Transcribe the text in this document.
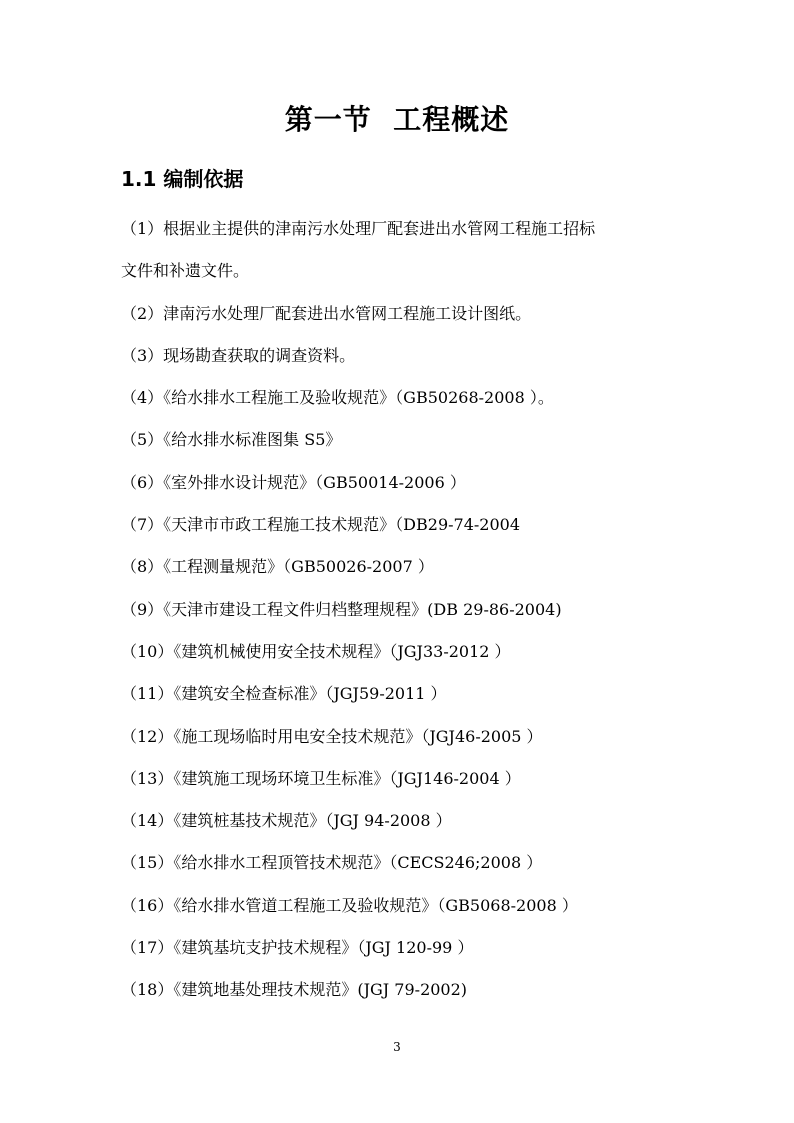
第一节  工程概述
1.1 编制依据
（1）根据业主提供的津南污水处理厂配套进出水管网工程施工招标
文件和补遗文件。
（2）津南污水处理厂配套进出水管网工程施工设计图纸。
（3）现场勘查获取的调查资料。
（4）《给水排水工程施工及验收规范》（GB50268-2008 ）。
（5）《给水排水标准图集 S5》
（6）《室外排水设计规范》（GB50014-2006 ）
（7）《天津市市政工程施工技术规范》（DB29-74-2004
（8）《工程测量规范》（GB50026-2007 ）
（9）《天津市建设工程文件归档整理规程》(DB 29-86-2004)
（10）《建筑机械使用安全技术规程》（JGJ33-2012 ）
（11）《建筑安全检查标准》（JGJ59-2011 ）
（12）《施工现场临时用电安全技术规范》（JGJ46-2005 ）
（13）《建筑施工现场环境卫生标准》（JGJ146-2004 ）
（14）《建筑桩基技术规范》（JGJ 94-2008 ）
（15）《给水排水工程顶管技术规范》（CECS246;2008 ）
（16）《给水排水管道工程施工及验收规范》（GB5068-2008 ）
（17）《建筑基坑支护技术规程》（JGJ 120-99 ）
（18）《建筑地基处理技术规范》(JGJ 79-2002)

3
